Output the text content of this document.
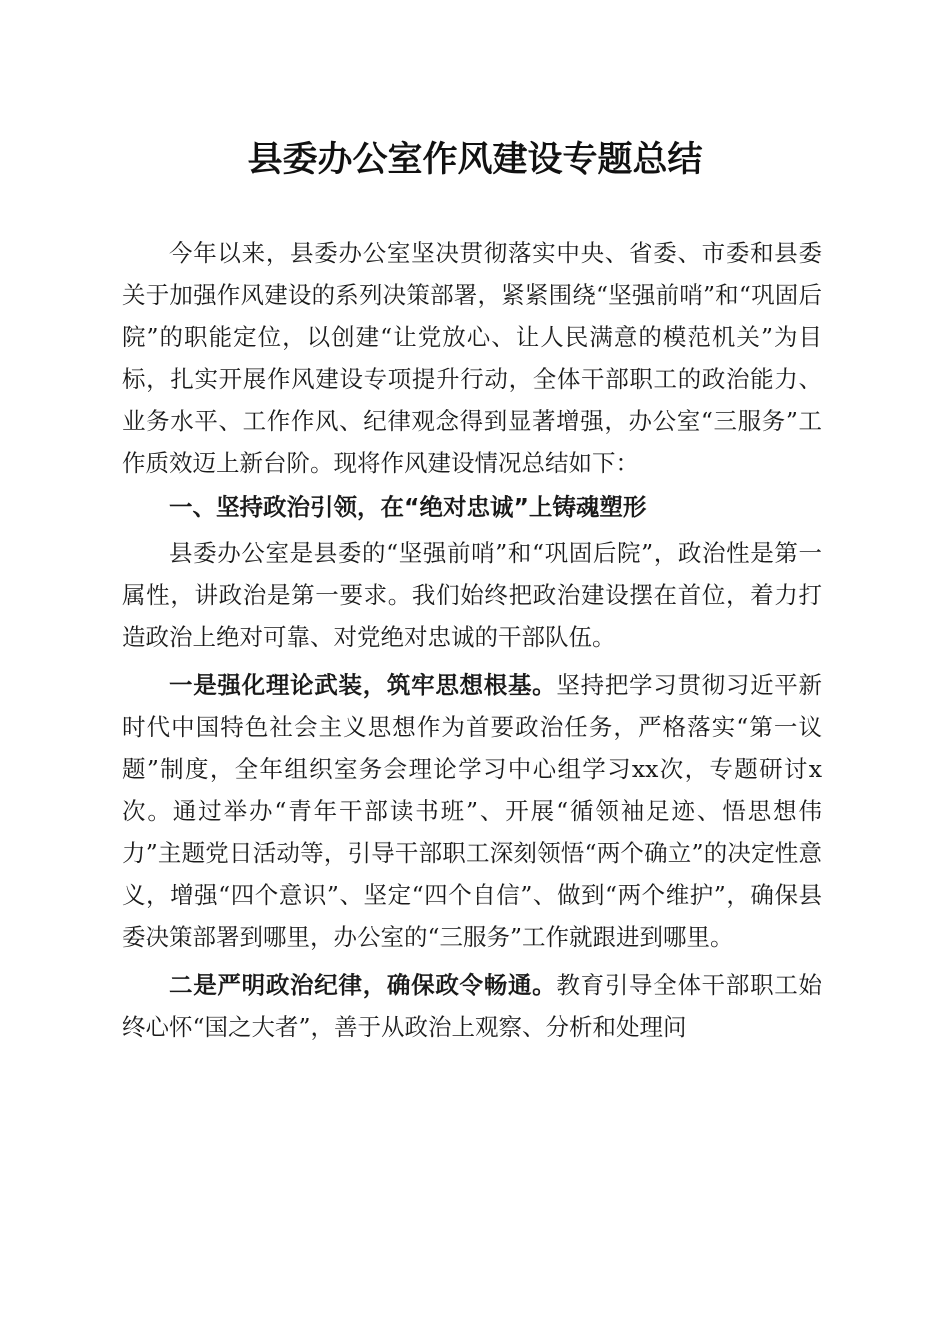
县委办公室作风建设专题总结

今年以来，县委办公室坚决贯彻落实中央、省委、市委和县委关于加强作风建设的系列决策部署，紧紧围绕“坚强前哨”和“巩固后院”的职能定位，以创建“让党放心、让人民满意的模范机关”为目标，扎实开展作风建设专项提升行动，全体干部职工的政治能力、业务水平、工作作风、纪律观念得到显著增强，办公室“三服务”工作质效迈上新台阶。现将作风建设情况总结如下：

一、坚持政治引领，在“绝对忠诚”上铸魂塑形

县委办公室是县委的“坚强前哨”和“巩固后院”，政治性是第一属性，讲政治是第一要求。我们始终把政治建设摆在首位，着力打造政治上绝对可靠、对党绝对忠诚的干部队伍。

一是强化理论武装，筑牢思想根基。坚持把学习贯彻习近平新时代中国特色社会主义思想作为首要政治任务，严格落实“第一议题”制度，全年组织室务会理论学习中心组学习xx次，专题研讨x次。通过举办“青年干部读书班”、开展“循领袖足迹、悟思想伟力”主题党日活动等，引导干部职工深刻领悟“两个确立”的决定性意义，增强“四个意识”、坚定“四个自信”、做到“两个维护”，确保县委决策部署到哪里，办公室的“三服务”工作就跟进到哪里。

二是严明政治纪律，确保政令畅通。教育引导全体干部职工始终心怀“国之大者”，善于从政治上观察、分析和处理问
